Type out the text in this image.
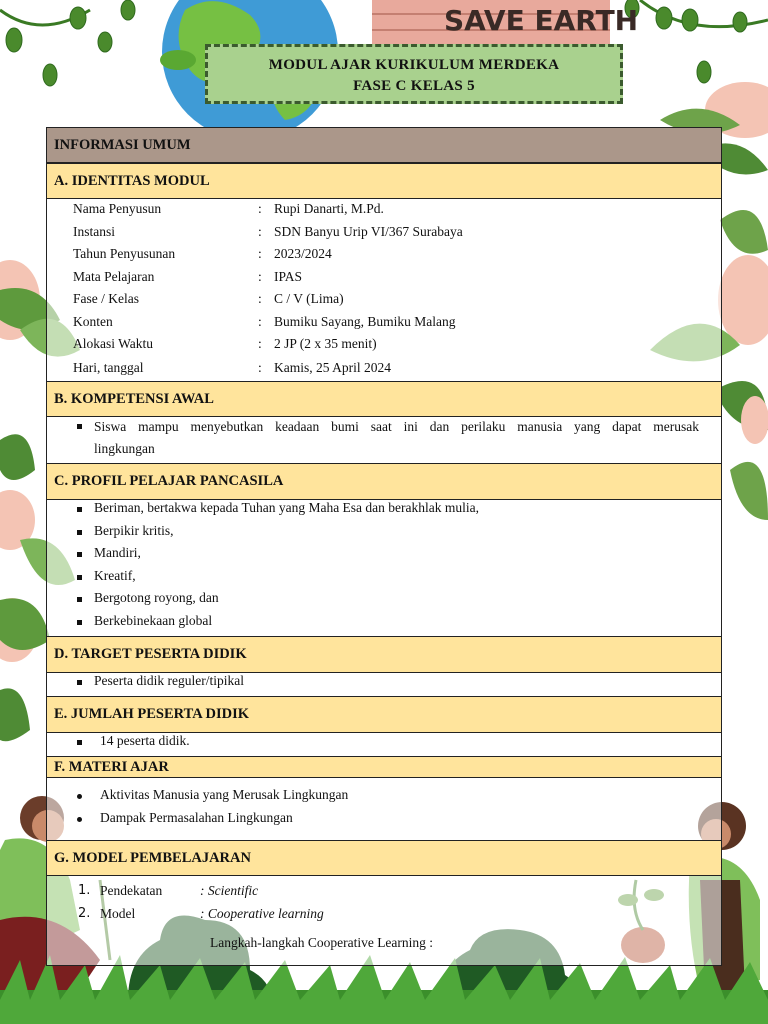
SAVE EARTH
MODUL AJAR KURIKULUM MERDEKA
FASE C KELAS 5
INFORMASI UMUM
A. IDENTITAS MODUL
Nama Penyusun	: Rupi Danarti, M.Pd.
Instansi	: SDN Banyu Urip VI/367 Surabaya
Tahun Penyusunan	: 2023/2024
Mata Pelajaran	: IPAS
Fase / Kelas	: C / V (Lima)
Konten	: Bumiku Sayang, Bumiku Malang
Alokasi Waktu	: 2 JP (2 x 35 menit)
Hari, tanggal	: Kamis, 25 April 2024
B. KOMPETENSI AWAL
Siswa mampu menyebutkan keadaan bumi saat ini dan perilaku manusia yang dapat merusak
lingkungan
C. PROFIL PELAJAR PANCASILA
Beriman, bertakwa kepada Tuhan yang Maha Esa dan berakhlak mulia,
Berpikir kritis,
Mandiri,
Kreatif,
Bergotong royong, dan
Berkebinekaan global
D. TARGET PESERTA DIDIK
Peserta didik reguler/tipikal
E. JUMLAH PESERTA DIDIK
14 peserta didik.
F. MATERI AJAR
Aktivitas Manusia yang Merusak Lingkungan
Dampak Permasalahan Lingkungan
G. MODEL PEMBELAJARAN
1. Pendekatan	: Scientific
2. Model	: Cooperative learning
Langkah-langkah Cooperative Learning :
